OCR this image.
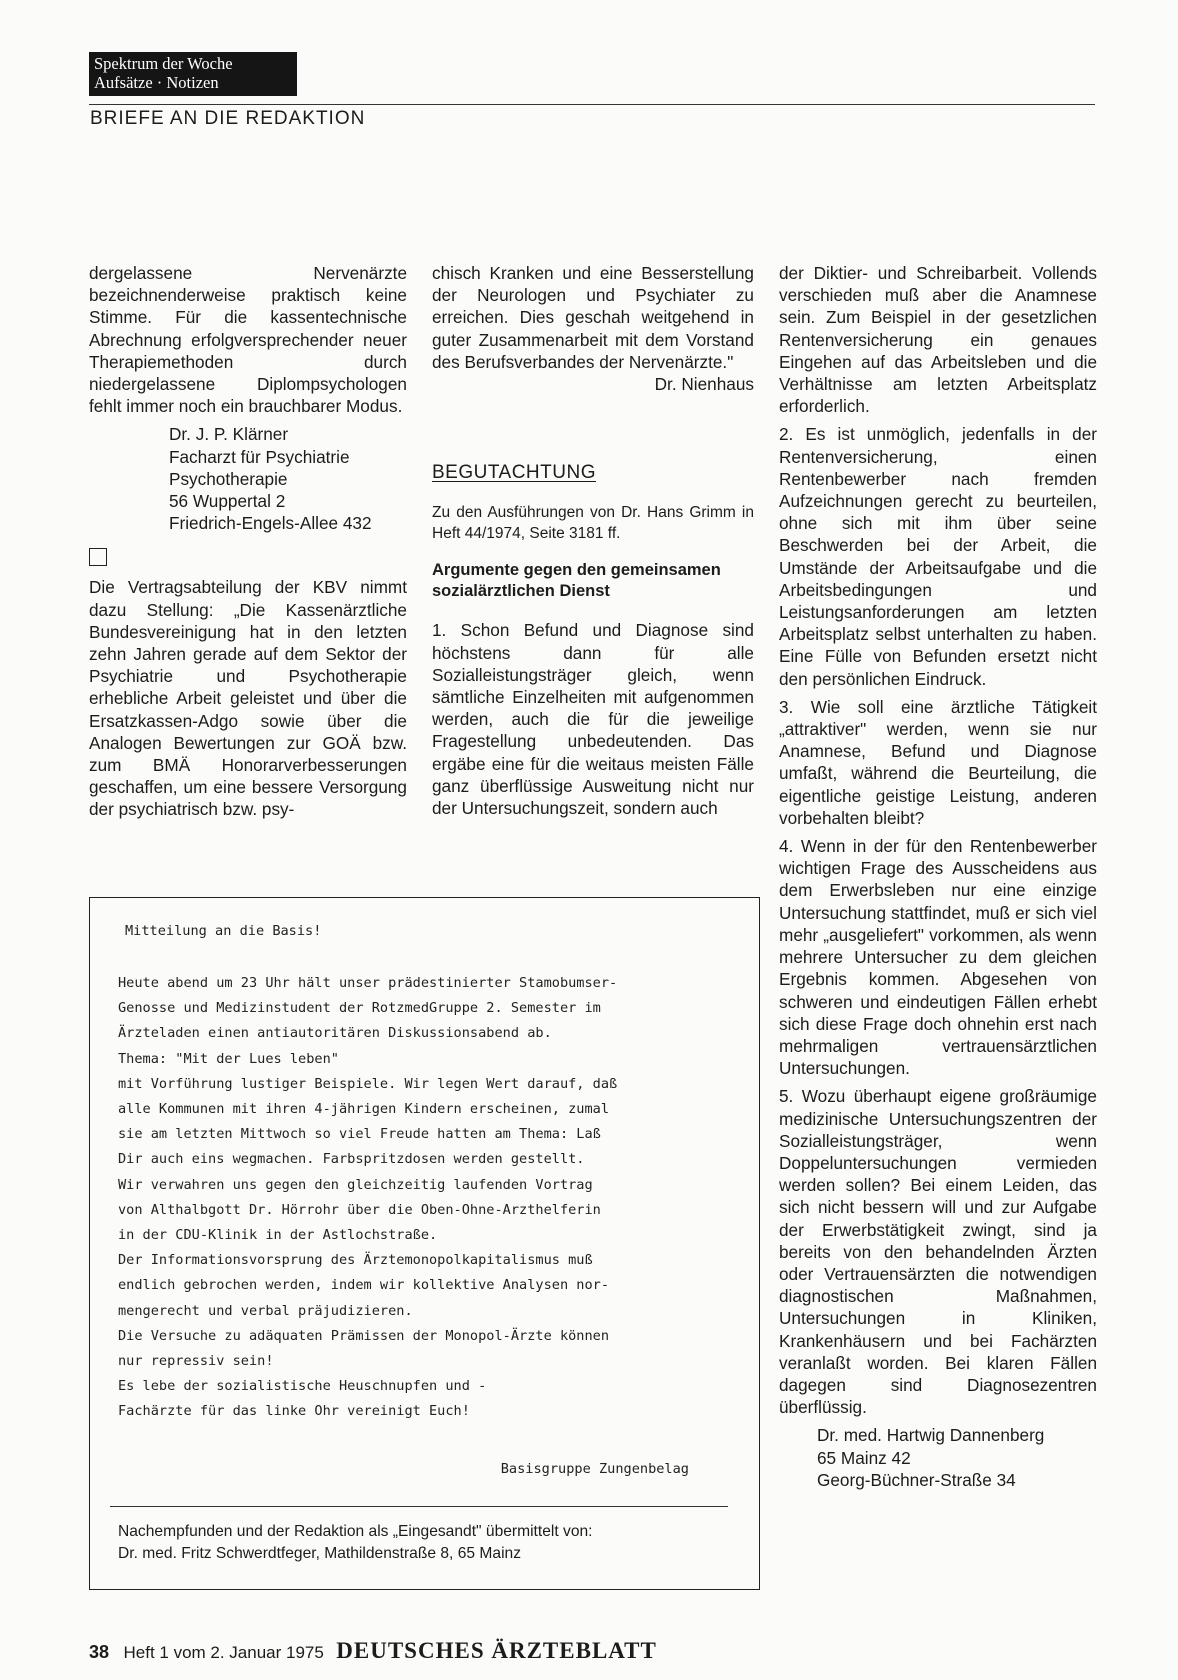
Spektrum der Woche
Aufsätze · Notizen
BRIEFE AN DIE REDAKTION

dergelassene Nervenärzte bezeichnenderweise praktisch keine Stimme. Für die kassentechnische Abrechnung erfolgversprechender neuer Therapiemethoden durch niedergelassene Diplompsychologen fehlt immer noch ein brauchbarer Modus.

Dr. J. P. Klärner
Facharzt für Psychiatrie
Psychotherapie
56 Wuppertal 2
Friedrich-Engels-Allee 432

Die Vertragsabteilung der KBV nimmt dazu Stellung: „Die Kassenärztliche Bundesvereinigung hat in den letzten zehn Jahren gerade auf dem Sektor der Psychiatrie und Psychotherapie erhebliche Arbeit geleistet und über die Ersatzkassen-Adgo sowie über die Analogen Bewertungen zur GOÄ bzw. zum BMÄ Honorarverbesserungen geschaffen, um eine bessere Versorgung der psychiatrisch bzw. psy-

chisch Kranken und eine Besserstellung der Neurologen und Psychiater zu erreichen. Dies geschah weitgehend in guter Zusammenarbeit mit dem Vorstand des Berufsverbandes der Nervenärzte."

Dr. Nienhaus

BEGUTACHTUNG

Zu den Ausführungen von Dr. Hans Grimm in Heft 44/1974, Seite 3181 ff.

Argumente gegen den gemeinsamen sozialärztlichen Dienst

1. Schon Befund und Diagnose sind höchstens dann für alle Sozialleistungsträger gleich, wenn sämtliche Einzelheiten mit aufgenommen werden, auch die für die jeweilige Fragestellung unbedeutenden. Das ergäbe eine für die weitaus meisten Fälle ganz überflüssige Ausweitung nicht nur der Untersuchungszeit, sondern auch

der Diktier- und Schreibarbeit. Vollends verschieden muß aber die Anamnese sein. Zum Beispiel in der gesetzlichen Rentenversicherung ein genaues Eingehen auf das Arbeitsleben und die Verhältnisse am letzten Arbeitsplatz erforderlich.

2. Es ist unmöglich, jedenfalls in der Rentenversicherung, einen Rentenbewerber nach fremden Aufzeichnungen gerecht zu beurteilen, ohne sich mit ihm über seine Beschwerden bei der Arbeit, die Umstände der Arbeitsaufgabe und die Arbeitsbedingungen und Leistungsanforderungen am letzten Arbeitsplatz selbst unterhalten zu haben. Eine Fülle von Befunden ersetzt nicht den persönlichen Eindruck.

3. Wie soll eine ärztliche Tätigkeit „attraktiver" werden, wenn sie nur Anamnese, Befund und Diagnose umfaßt, während die Beurteilung, die eigentliche geistige Leistung, anderen vorbehalten bleibt?

4. Wenn in der für den Rentenbewerber wichtigen Frage des Ausscheidens aus dem Erwerbsleben nur eine einzige Untersuchung stattfindet, muß er sich viel mehr „ausgeliefert" vorkommen, als wenn mehrere Untersucher zu dem gleichen Ergebnis kommen. Abgesehen von schweren und eindeutigen Fällen erhebt sich diese Frage doch ohnehin erst nach mehrmaligen vertrauensärztlichen Untersuchungen.

5. Wozu überhaupt eigene großräumige medizinische Untersuchungszentren der Sozialleistungsträger, wenn Doppeluntersuchungen vermieden werden sollen? Bei einem Leiden, das sich nicht bessern will und zur Aufgabe der Erwerbstätigkeit zwingt, sind ja bereits von den behandelnden Ärzten oder Vertrauensärzten die notwendigen diagnostischen Maßnahmen, Untersuchungen in Kliniken, Krankenhäusern und bei Fachärzten veranlaßt worden. Bei klaren Fällen dagegen sind Diagnosezentren überflüssig.

Dr. med. Hartwig Dannenberg
65 Mainz 42
Georg-Büchner-Straße 34

Mitteilung an die Basis!
Heute abend um 23 Uhr hält unser prädestinierter Stamobumser-
Genosse und Medizinstudent der RotzmedGruppe 2. Semester im
Ärzteladen einen antiautoritären Diskussionsabend ab.
Thema: "Mit der Lues leben"
mit Vorführung lustiger Beispiele. Wir legen Wert darauf, daß
alle Kommunen mit ihren 4-jährigen Kindern erscheinen, zumal
sie am letzten Mittwoch so viel Freude hatten am Thema: Laß
Dir auch eins wegmachen. Farbspritzdosen werden gestellt.
Wir verwahren uns gegen den gleichzeitig laufenden Vortrag
von Althalbgott Dr. Hörrohr über die Oben-Ohne-Arzthelferin
in der CDU-Klinik in der Astlochstraße.
Der Informationsvorsprung des Ärztemonopolkapitalismus muß
endlich gebrochen werden, indem wir kollektive Analysen nor-
mengerecht und verbal präjudizieren.
Die Versuche zu adäquaten Prämissen der Monopol-Ärzte können
nur repressiv sein!
Es lebe der sozialistische Heuschnupfen und -
Fachärzte für das linke Ohr vereinigt Euch!
Basisgruppe Zungenbelag
Nachempfunden und der Redaktion als „Eingesandt" übermittelt von:
Dr. med. Fritz Schwerdtfeger, Mathildenstraße 8, 65 Mainz
38 Heft 1 vom 2. Januar 1975 DEUTSCHES ÄRZTEBLATT
